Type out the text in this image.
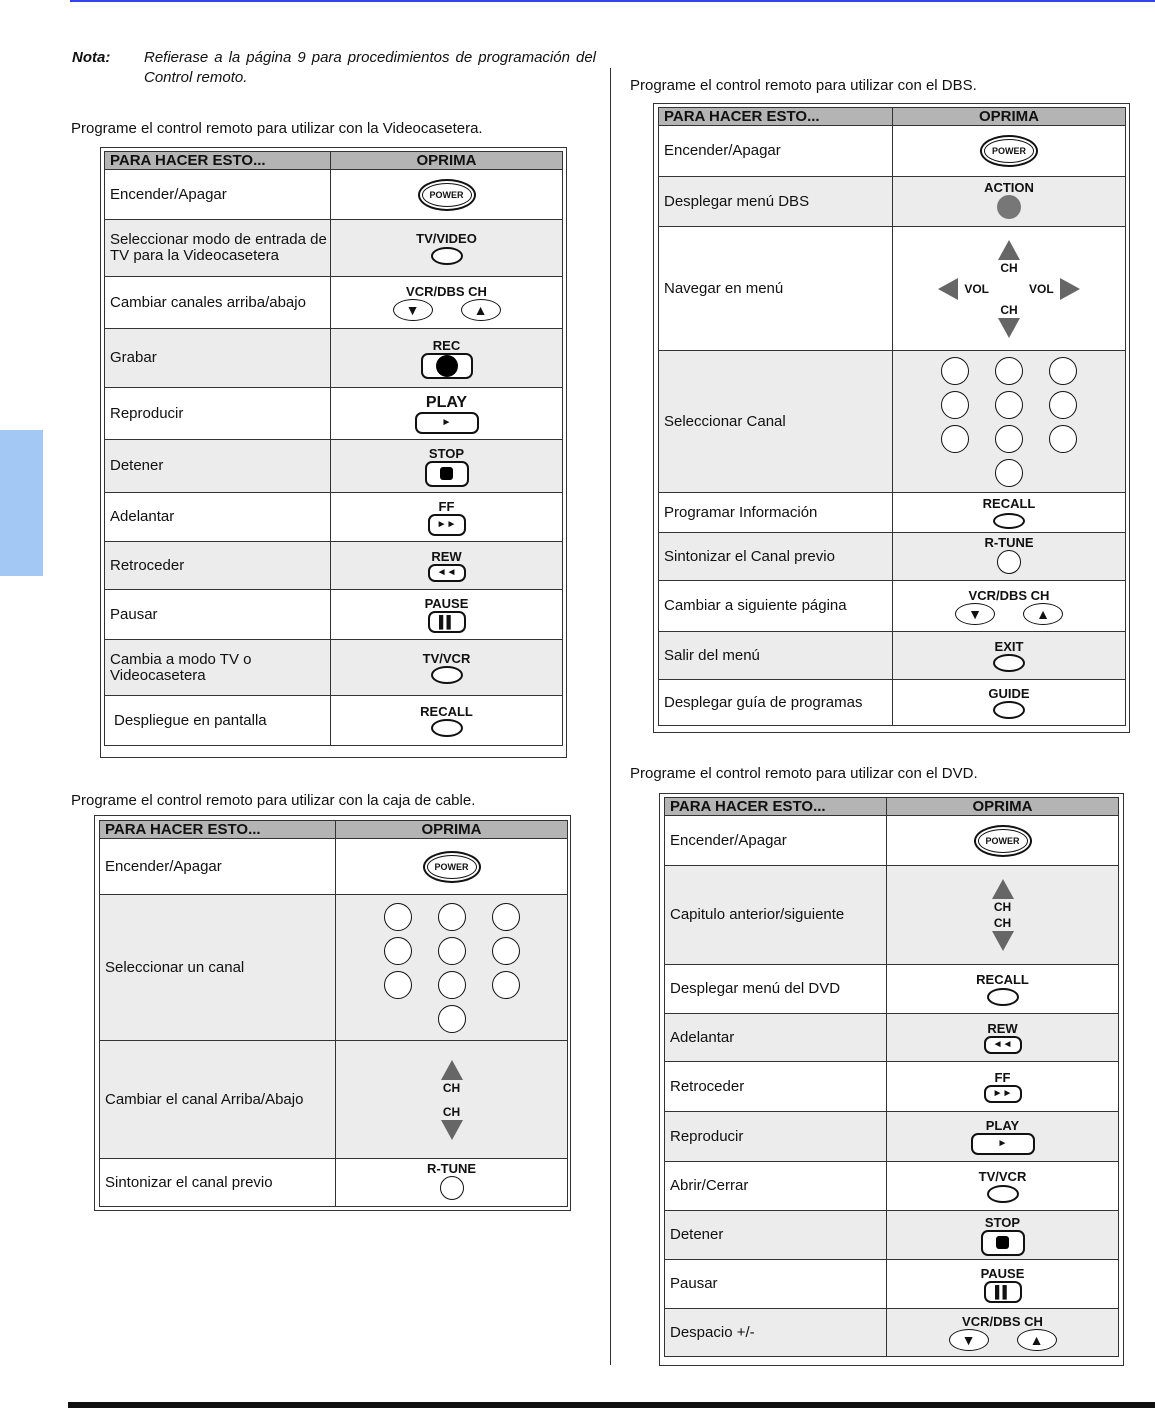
Nota: Refierase a la página 9 para procedimientos de programación del Control remoto.
Programe el control remoto para utilizar con la Videocasetera.
PARA HACER ESTO...	OPRIMA
Encender/Apagar	POWER

Seleccionar modo de entrada de TV para la Videocasetera	TV/VIDEO

Cambiar canales arriba/abajo	VCR/DBS CH
▼ ▲
Grabar	REC

Reproducir	PLAY
►

Detener	STOP

Adelantar	FF
►►

Retroceder	REW
◄◄

Pausar	PAUSE
▌▌

Cambia a modo TV o Videocasetera	TV/VCR

Despliegue en pantalla	RECALL
Programe el control remoto para utilizar con la caja de cable.
PARA HACER ESTO...	OPRIMA
Encender/Apagar	POWER

Seleccionar un canal	

Cambiar el canal Arriba/Abajo	CH
CH

Sintonizar el canal previo	R-TUNE
Programe el control remoto para utilizar con el DBS.
PARA HACER ESTO...	OPRIMA
Encender/Apagar	POWER

Desplegar menú DBS	ACTION

Navegar en menú	CH
VOL VOL
CH

Seleccionar Canal	

Programar Información	RECALL

Sintonizar el Canal previo	R-TUNE

Cambiar a siguiente página	VCR/DBS CH
▼ ▲
Salir del menú	EXIT

Desplegar guía de programas	GUIDE
Programe el control remoto para utilizar con el DVD.
PARA HACER ESTO...	OPRIMA
Encender/Apagar	POWER

Capitulo anterior/siguiente	CH
CH

Desplegar menú del DVD	RECALL

Adelantar	REW
◄◄

Retroceder	FF
►►

Reproducir	PLAY
►

Abrir/Cerrar	TV/VCR

Detener	STOP

Pausar	PAUSE
▌▌

Despacio +/-	VCR/DBS CH
▼ ▲
